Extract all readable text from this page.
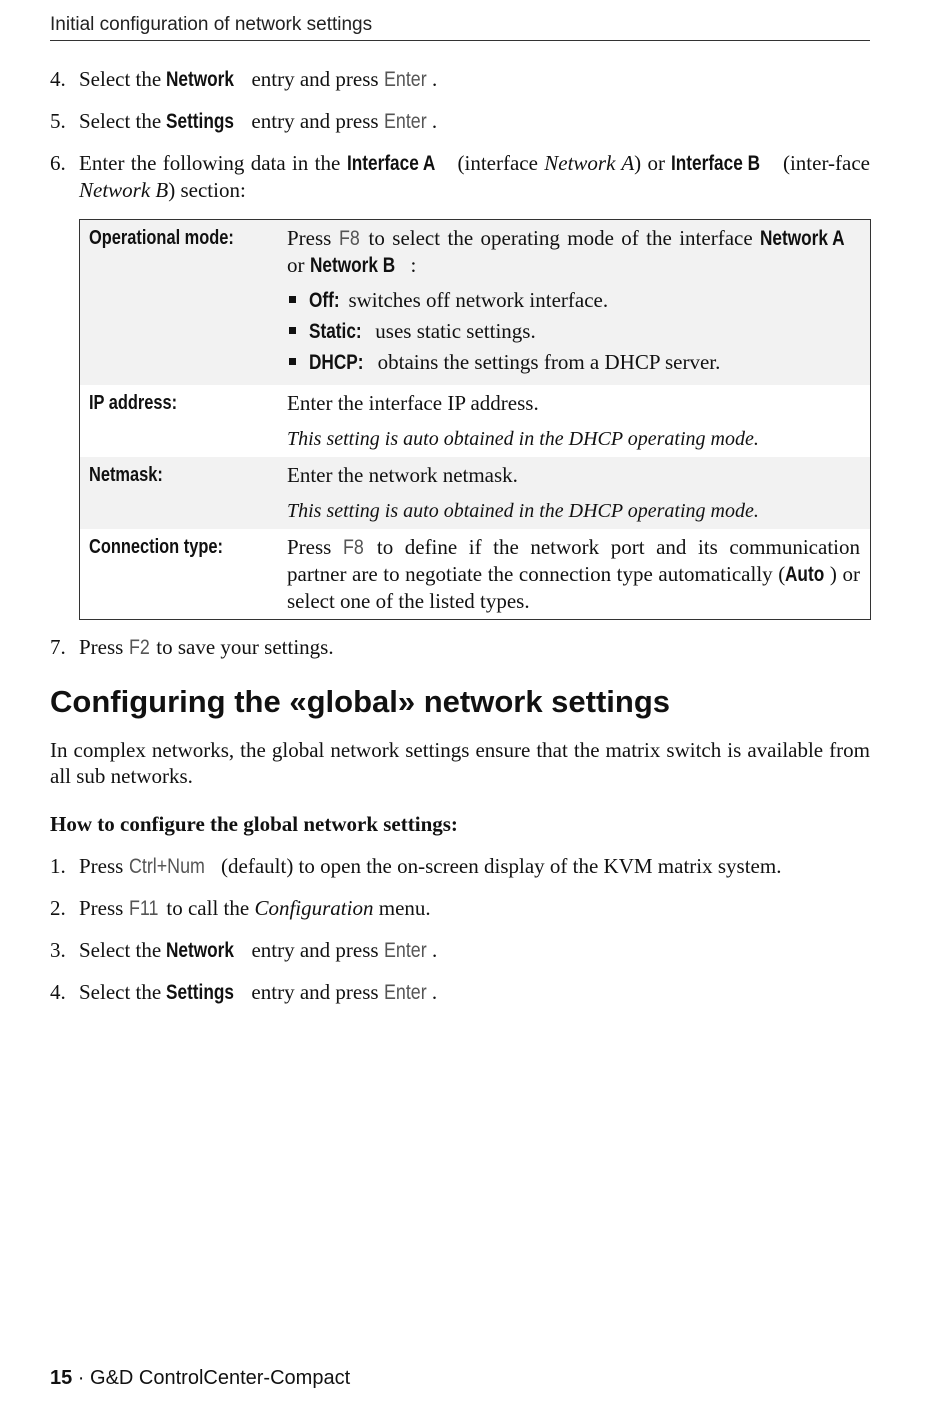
Initial configuration of network settings
4. Select the Network entry and press Enter .
5. Select the Settings entry and press Enter .
6. Enter the following data in the Interface A (interface Network A) or Interface B (inter-face Network B) section:
Operational mode:	Press F8 to select the operating mode of the interface Network A or Network B :

Off: switches off network interface.
Static: uses static settings.
DHCP: obtains the settings from a DHCP server.
IP address:	Enter the interface IP address.

This setting is auto obtained in the DHCP operating mode.

Netmask:	Enter the network netmask.

This setting is auto obtained in the DHCP operating mode.

Connection type:	Press F8 to define if the network port and its communication partner are to negotiate the connection type automatically (Auto ) or select one of the listed types.

7. Press F2 to save your settings.
Configuring the «global» network settings

In complex networks, the global network settings ensure that the matrix switch is available from all sub networks.

How to configure the global network settings:

1. Press Ctrl+Num (default) to open the on-screen display of the KVM matrix system.
2. Press F11 to call the Configuration menu.
3. Select the Network entry and press Enter .
4. Select the Settings entry and press Enter .
15 · G&D ControlCenter-Compact
